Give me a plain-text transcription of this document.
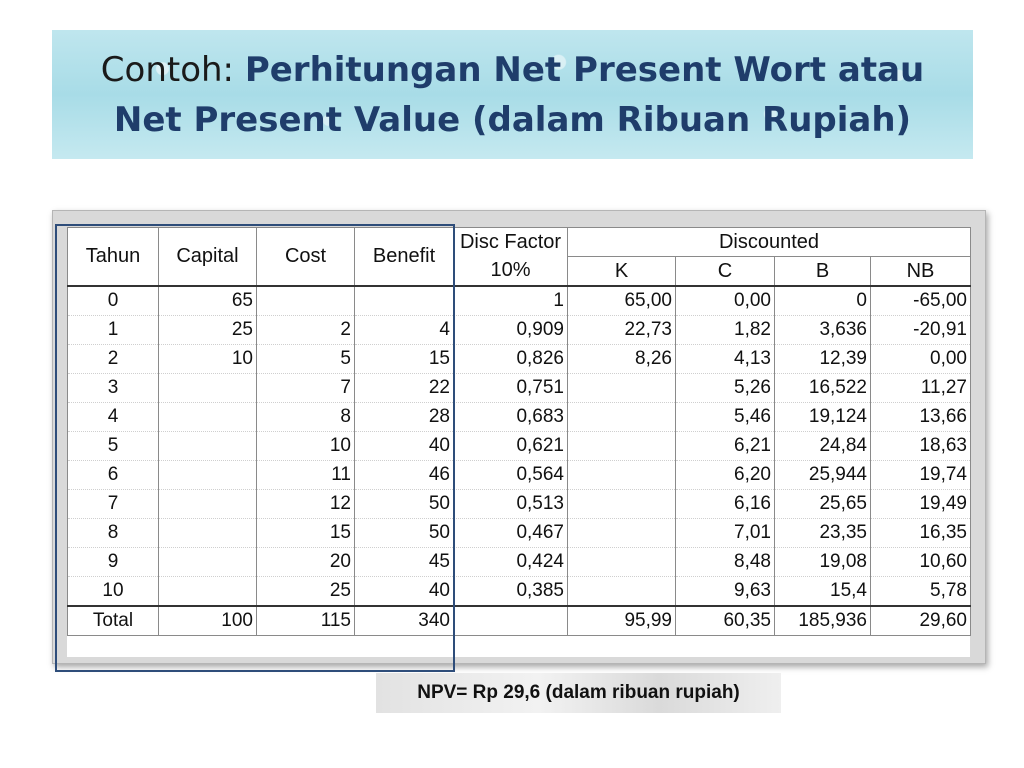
Contoh: Perhitungan Net Present Wort atau Net Present Value (dalam Ribuan Rupiah)
Tahun	Capital	Cost	Benefit	Disc Factor	Discounted			
				10%	K	C	B	NB
0	65			1	65,00	0,00	0	-65,00
1	25	2	4	0,909	22,73	1,82	3,636	-20,91
2	10	5	15	0,826	8,26	4,13	12,39	0,00
3		7	22	0,751		5,26	16,522	11,27
4		8	28	0,683		5,46	19,124	13,66
5		10	40	0,621		6,21	24,84	18,63
6		11	46	0,564		6,20	25,944	19,74
7		12	50	0,513		6,16	25,65	19,49
8		15	50	0,467		7,01	23,35	16,35
9		20	45	0,424		8,48	19,08	10,60
10		25	40	0,385		9,63	15,4	5,78
Total	100	115	340		95,99	60,35	185,936	29,60
NPV= Rp 29,6 (dalam ribuan rupiah)
